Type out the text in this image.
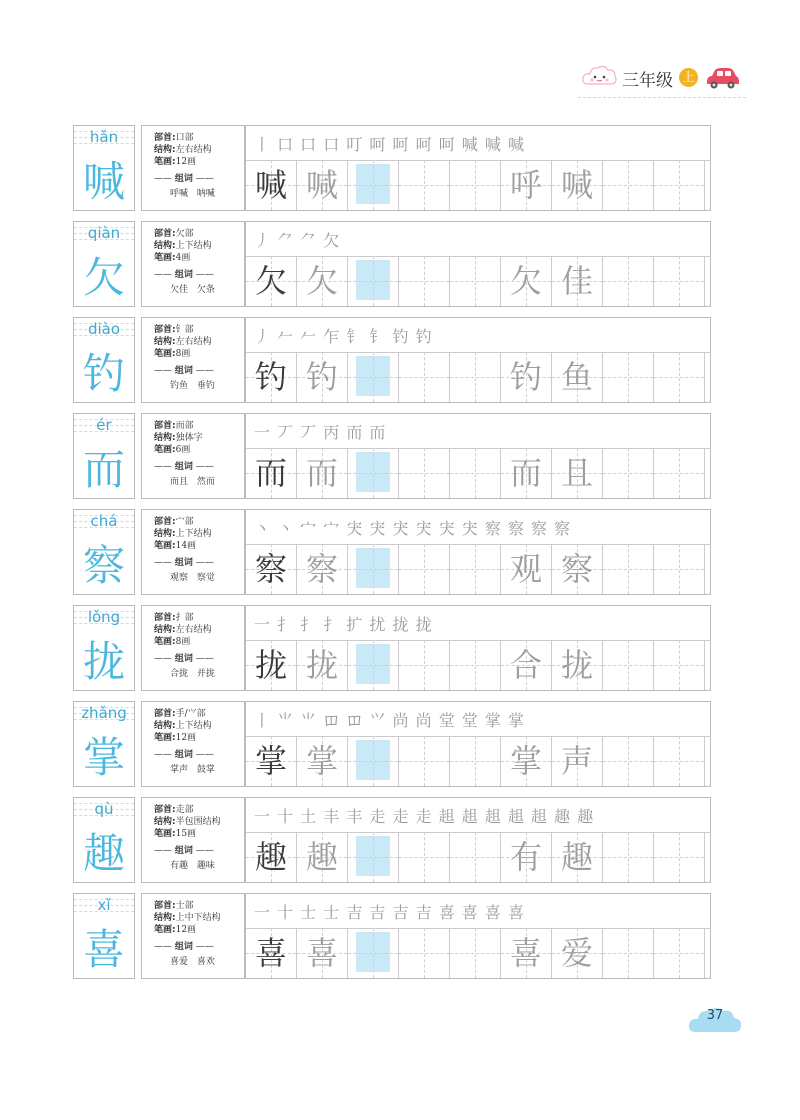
三年级 上
hǎn
喊
部首:口部
结构:左右结构
笔画:12画
—— 组词 ——
呼喊 呐喊
丨 口 口 口 叮 呵 呵 呵 呵 喊 喊 喊
喊 喊	呼 喊
qiàn
欠
部首:欠部
结构:上下结构
笔画:4画
—— 组词 ——
欠佳 欠条
丿 ⺈ ⺈ 欠
欠 欠	欠 佳
diào
钓
部首:钅部
结构:左右结构
笔画:8画
—— 组词 ——
钓鱼 垂钓
丿 𠂉 𠂉 乍 钅 钅 钓 钓
钓 钓	钓 鱼
ér
而
部首:而部
结构:独体字
笔画:6画
—— 组词 ——
而且 然而
一 丆 丆 丙 而 而
而 而	而 且
chá
察
部首:宀部
结构:上下结构
笔画:14画
—— 组词 ——
观察 察觉
丶 丶 宀 宀 宊 宊 宊 宊 宊 宊 察 察 察 察
察 察	观 察
lǒng
拢
部首:扌部
结构:左右结构
笔画:8画
—— 组词 ——
合拢 并拢
一 扌 扌 扌 扩 扰 拢 拢
拢 拢	合 拢
zhǎng
掌
部首:手/⺍部
结构:上下结构
笔画:12画
—— 组词 ——
掌声 鼓掌
丨 ⺌ ⺌ 𫩏 𫩏 ⺍ 尚 尚 堂 堂 掌 掌
掌 掌	掌 声
qù
趣
部首:走部
结构:半包围结构
笔画:15画
—— 组词 ——
有趣 趣味
一 十 土 丰 丰 走 走 走 趄 趄 趄 趄 趄 趣 趣
趣 趣	有 趣
xǐ
喜
部首:士部
结构:上中下结构
笔画:12画
—— 组词 ——
喜爱 喜欢
一 十 士 士 吉 吉 吉 吉 喜 喜 喜 喜
喜 喜	喜 爱
37
